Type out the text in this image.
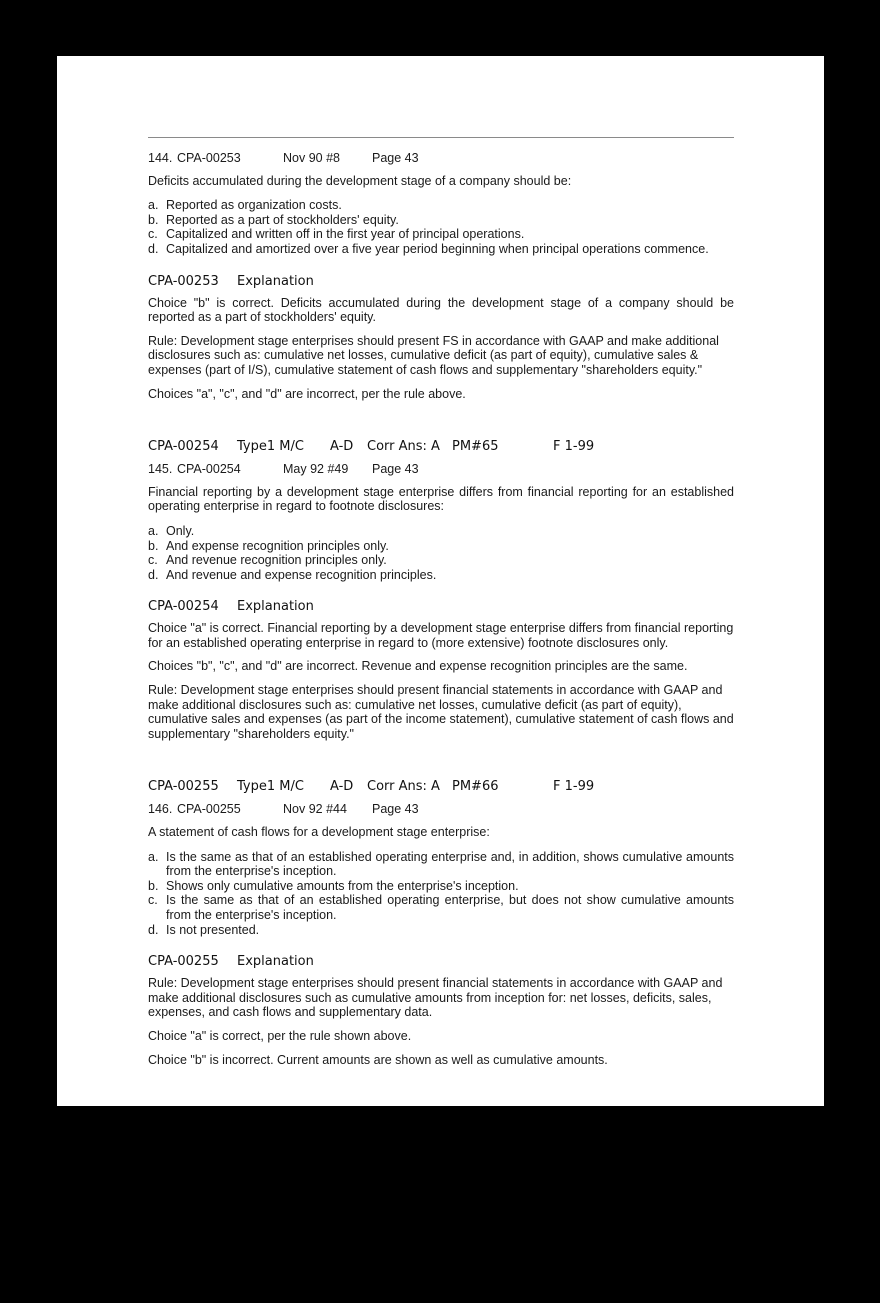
144. CPA-00253	Nov 90 #8	Page 43

Deficits accumulated during the development stage of a company should be:

a. Reported as organization costs.
b. Reported as a part of stockholders' equity.
c. Capitalized and written off in the first year of principal operations.
d. Capitalized and amortized over a five year period beginning when principal operations commence.
CPA-00253 Explanation

Choice "b" is correct. Deficits accumulated during the development stage of a company should be reported as a part of stockholders' equity.

Rule: Development stage enterprises should present FS in accordance with GAAP and make additional disclosures such as: cumulative net losses, cumulative deficit (as part of equity), cumulative sales & expenses (part of I/S), cumulative statement of cash flows and supplementary "shareholders equity."

Choices "a", "c", and "d" are incorrect, per the rule above.

CPA-00254 Type1 M/C A-D Corr Ans: A PM#65	F 1-99
145. CPA-00254	May 92 #49 Page 43

Financial reporting by a development stage enterprise differs from financial reporting for an established operating enterprise in regard to footnote disclosures:

a. Only.
b. And expense recognition principles only.
c. And revenue recognition principles only.
d. And revenue and expense recognition principles.
CPA-00254 Explanation

Choice "a" is correct. Financial reporting by a development stage enterprise differs from financial reporting for an established operating enterprise in regard to (more extensive) footnote disclosures only.

Choices "b", "c", and "d" are incorrect. Revenue and expense recognition principles are the same.

Rule: Development stage enterprises should present financial statements in accordance with GAAP and make additional disclosures such as: cumulative net losses, cumulative deficit (as part of equity), cumulative sales and expenses (as part of the income statement), cumulative statement of cash flows and supplementary "shareholders equity."

CPA-00255 Type1 M/C A-D Corr Ans: A PM#66	F 1-99
146. CPA-00255	Nov 92 #44 Page 43

A statement of cash flows for a development stage enterprise:

a. Is the same as that of an established operating enterprise and, in addition, shows cumulative amounts from the enterprise's inception.
b. Shows only cumulative amounts from the enterprise's inception.
c. Is the same as that of an established operating enterprise, but does not show cumulative amounts from the enterprise's inception.
d. Is not presented.
CPA-00255 Explanation

Rule: Development stage enterprises should present financial statements in accordance with GAAP and make additional disclosures such as cumulative amounts from inception for: net losses, deficits, sales, expenses, and cash flows and supplementary data.

Choice "a" is correct, per the rule shown above.

Choice "b" is incorrect. Current amounts are shown as well as cumulative amounts.
